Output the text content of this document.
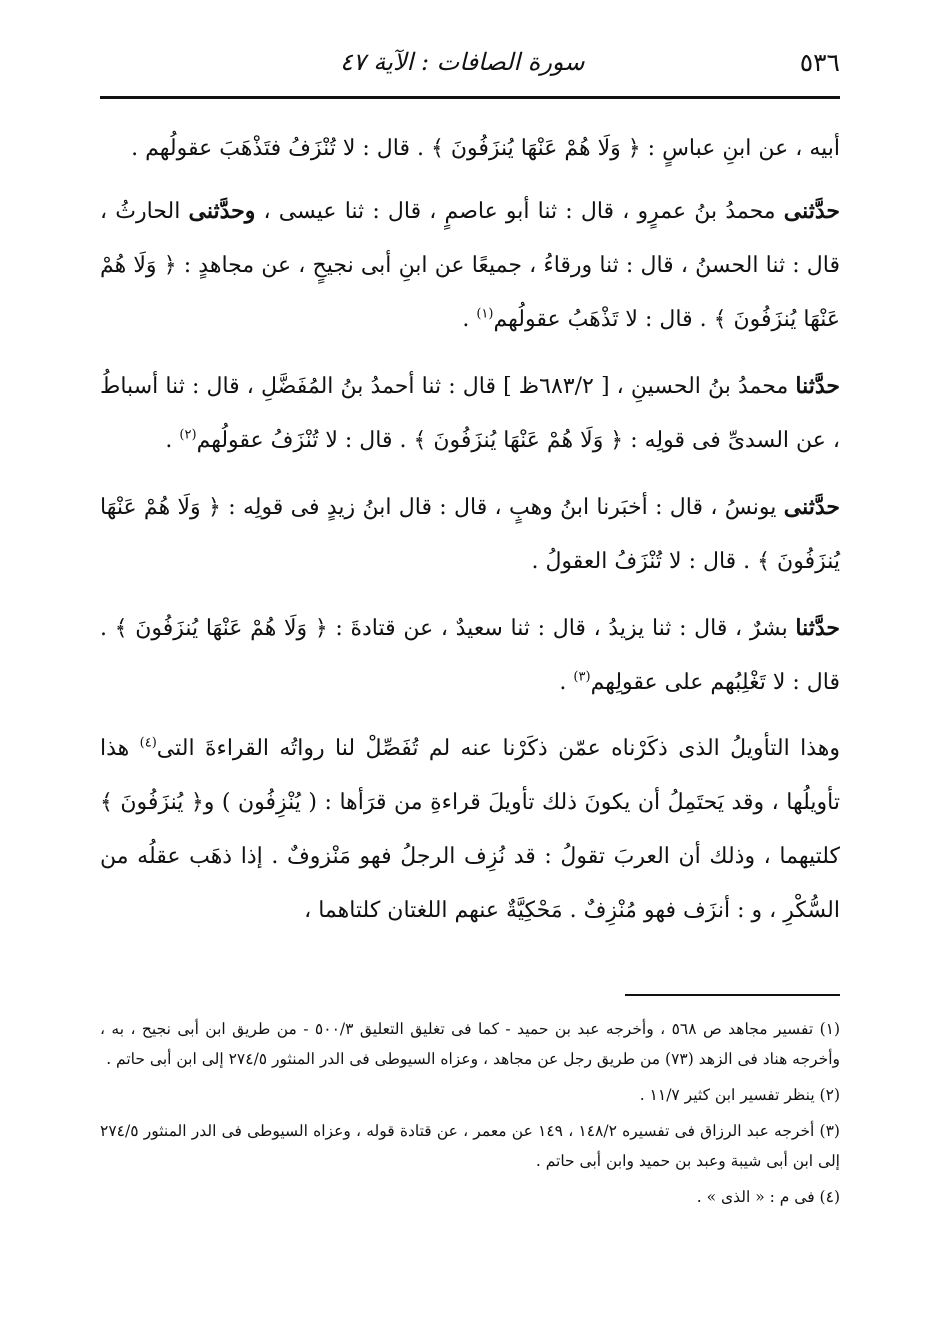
٥٣٦
سورة الصافات : الآية ٤٧

أبيه ، عن ابنِ عباسٍ : ﴿ وَلَا هُمْ عَنْهَا يُنزَفُونَ ﴾ . قال : لا تُنْزَفُ فتَذْهَبَ عقولُهم .

حدَّثنى محمدُ بنُ عمرٍو ، قال : ثنا أبو عاصمٍ ، قال : ثنا عيسى ، وحدَّثنى الحارثُ ، قال : ثنا الحسنُ ، قال : ثنا ورقاءُ ، جميعًا عن ابنِ أبى نجيحٍ ، عن مجاهدٍ : ﴿ وَلَا هُمْ عَنْهَا يُنزَفُونَ ﴾ . قال : لا تَذْهَبُ عقولُهم$^{(١)}$ .

حدَّثنا محمدُ بنُ الحسينِ ، [ ٦٨٣/٢ظ ] قال : ثنا أحمدُ بنُ المُفَضَّلِ ، قال : ثنا أسباطُ ، عن السدىِّ فى قولِه : ﴿ وَلَا هُمْ عَنْهَا يُنزَفُونَ ﴾ . قال : لا تُنْزَفُ عقولُهم$^{(٢)}$ .

حدَّثنى يونسُ ، قال : أخبَرنا ابنُ وهبٍ ، قال : قال ابنُ زيدٍ فى قولِه : ﴿ وَلَا هُمْ عَنْهَا يُنزَفُونَ ﴾ . قال : لا تُنْزَفُ العقولُ .

حدَّثنا بشرٌ ، قال : ثنا يزيدُ ، قال : ثنا سعيدٌ ، عن قتادةَ : ﴿ وَلَا هُمْ عَنْهَا يُنزَفُونَ ﴾ . قال : لا تَغْلِبُهم على عقولِهم$^{(٣)}$ .

وهذا التأويلُ الذى ذكَرْناه عمّن ذكَرْنا عنه لم تُفَصِّلْ لنا رواتُه القراءةَ التى$^{(٤)}$ هذا تأويلُها ، وقد يَحتَمِلُ أن يكونَ ذلك تأويلَ قراءةِ من قرَأها : ( يُنْزِفُون ) و﴿ يُنزَفُونَ ﴾ كلتيهما ، وذلك أن العربَ تقولُ : قد نُزِف الرجلُ فهو مَنْزوفٌ . إذا ذهَب عقلُه من السُّكْرِ ، و : أنزَف فهو مُنْزِفٌ . مَحْكِيَّةٌ عنهم اللغتان كلتاهما ،

(١) تفسير مجاهد ص ٥٦٨ ، وأخرجه عبد بن حميد - كما فى تغليق التعليق ٥٠٠/٣ - من طريق ابن أبى نجيح ، به ، وأخرجه هناد فى الزهد (٧٣) من طريق رجل عن مجاهد ، وعزاه السيوطى فى الدر المنثور ٢٧٤/٥ إلى ابن أبى حاتم .

(٢) ينظر تفسير ابن كثير ١١/٧ .

(٣) أخرجه عبد الرزاق فى تفسيره ١٤٨/٢ ، ١٤٩ عن معمر ، عن قتادة قوله ، وعزاه السيوطى فى الدر المنثور ٢٧٤/٥ إلى ابن أبى شيبة وعبد بن حميد وابن أبى حاتم .

(٤) فى م : « الذى » .
